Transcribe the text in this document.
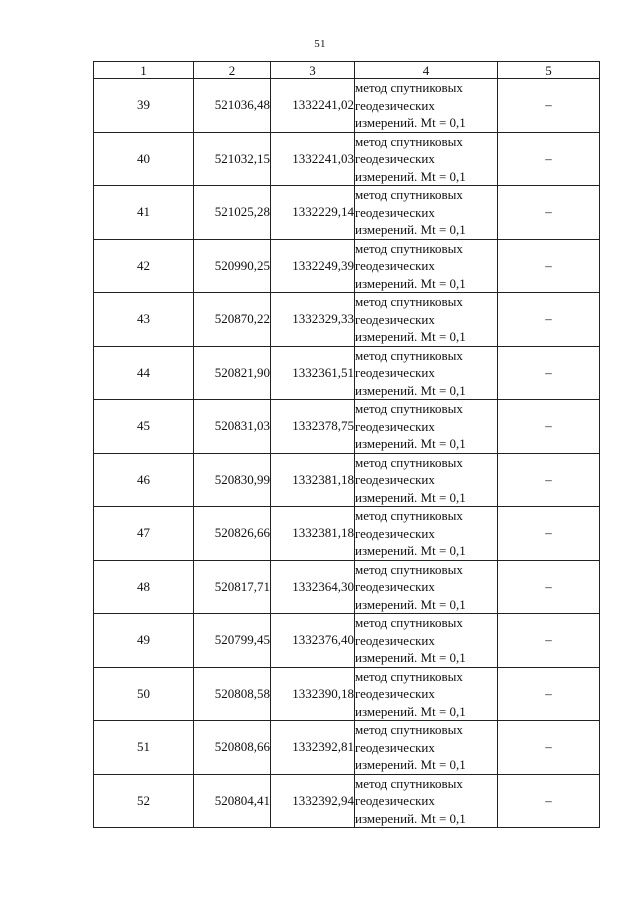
51
1	2	3	4	5
39	521036,48	1332241,02	метод спутниковых
геодезических
измерений. Mt = 0,1	–
40	521032,15	1332241,03	метод спутниковых
геодезических
измерений. Mt = 0,1	–
41	521025,28	1332229,14	метод спутниковых
геодезических
измерений. Mt = 0,1	–
42	520990,25	1332249,39	метод спутниковых
геодезических
измерений. Mt = 0,1	–
43	520870,22	1332329,33	метод спутниковых
геодезических
измерений. Mt = 0,1	–
44	520821,90	1332361,51	метод спутниковых
геодезических
измерений. Mt = 0,1	–
45	520831,03	1332378,75	метод спутниковых
геодезических
измерений. Mt = 0,1	–
46	520830,99	1332381,18	метод спутниковых
геодезических
измерений. Mt = 0,1	–
47	520826,66	1332381,18	метод спутниковых
геодезических
измерений. Mt = 0,1	–
48	520817,71	1332364,30	метод спутниковых
геодезических
измерений. Mt = 0,1	–
49	520799,45	1332376,40	метод спутниковых
геодезических
измерений. Mt = 0,1	–
50	520808,58	1332390,18	метод спутниковых
геодезических
измерений. Mt = 0,1	–
51	520808,66	1332392,81	метод спутниковых
геодезических
измерений. Mt = 0,1	–
52	520804,41	1332392,94	метод спутниковых
геодезических
измерений. Mt = 0,1	–
